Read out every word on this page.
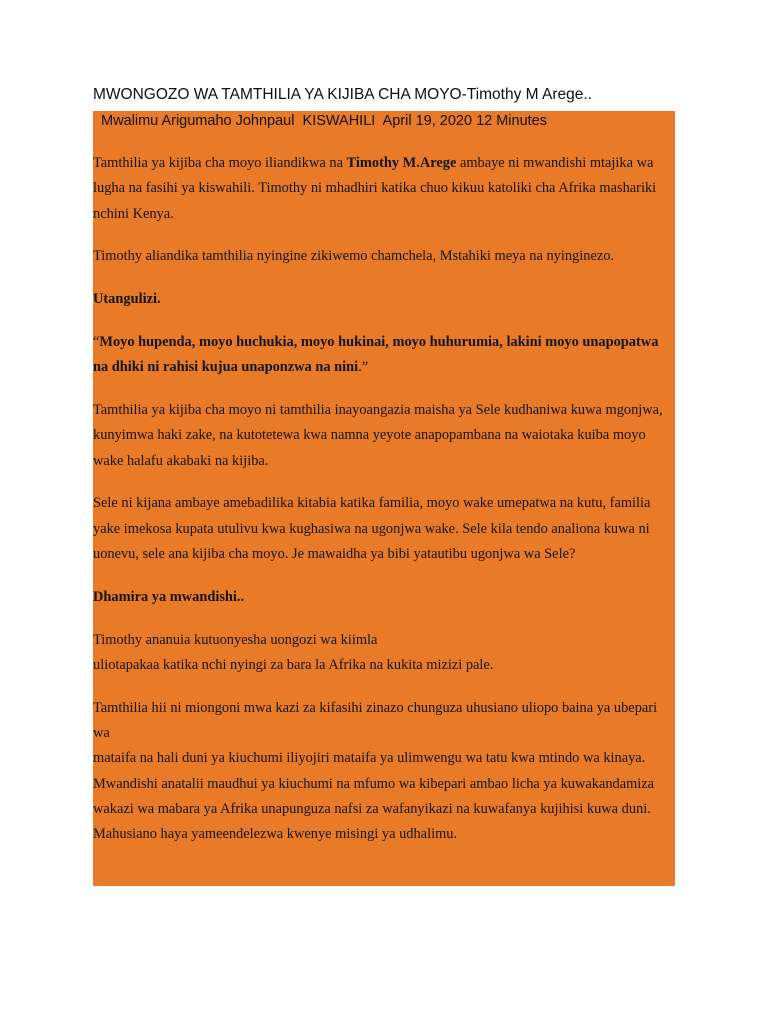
MWONGOZO WA TAMTHILIA YA KIJIBA CHA MOYO-Timothy M Arege..
Mwalimu Arigumaho Johnpaul  KISWAHILI  April 19, 2020 12 Minutes

Tamthilia ya kijiba cha moyo iliandikwa na Timothy M.Arege ambaye ni mwandishi mtajika wa lugha na fasihi ya kiswahili. Timothy ni mhadhiri katika chuo kikuu katoliki cha Afrika mashariki nchini Kenya.

Timothy aliandika tamthilia nyingine zikiwemo chamchela, Mstahiki meya na nyinginezo.

Utangulizi.

“Moyo hupenda, moyo huchukia, moyo hukinai, moyo huhurumia, lakini moyo unapopatwa na dhiki ni rahisi kujua unaponzwa na nini.”

Tamthilia ya kijiba cha moyo ni tamthilia inayoangazia maisha ya Sele kudhaniwa kuwa mgonjwa, kunyimwa haki zake, na kutotetewa kwa namna yeyote anapopambana na waiotaka kuiba moyo wake halafu akabaki na kijiba.

Sele ni kijana ambaye amebadilika kitabia katika familia, moyo wake umepatwa na kutu, familia yake imekosa kupata utulivu kwa kughasiwa na ugonjwa wake. Sele kila tendo analiona kuwa ni uonevu, sele ana kijiba cha moyo. Je mawaidha ya bibi yatautibu ugonjwa wa Sele?

Dhamira ya mwandishi..

Timothy ananuia kutuonyesha uongozi wa kiimla
uliotapakaa katika nchi nyingi za bara la Afrika na kukita mizizi pale.

Tamthilia hii ni miongoni mwa kazi za kifasihi zinazo chunguza uhusiano uliopo baina ya ubepari wa
mataifa na hali duni ya kiuchumi iliyojiri mataifa ya ulimwengu wa tatu kwa mtindo wa kinaya. Mwandishi anatalii maudhui ya kiuchumi na mfumo wa kibepari ambao licha ya kuwakandamiza wakazi wa mabara ya Afrika unapunguza nafsi za wafanyikazi na kuwafanya kujihisi kuwa duni. Mahusiano haya yameendelezwa kwenye misingi ya udhalimu.
